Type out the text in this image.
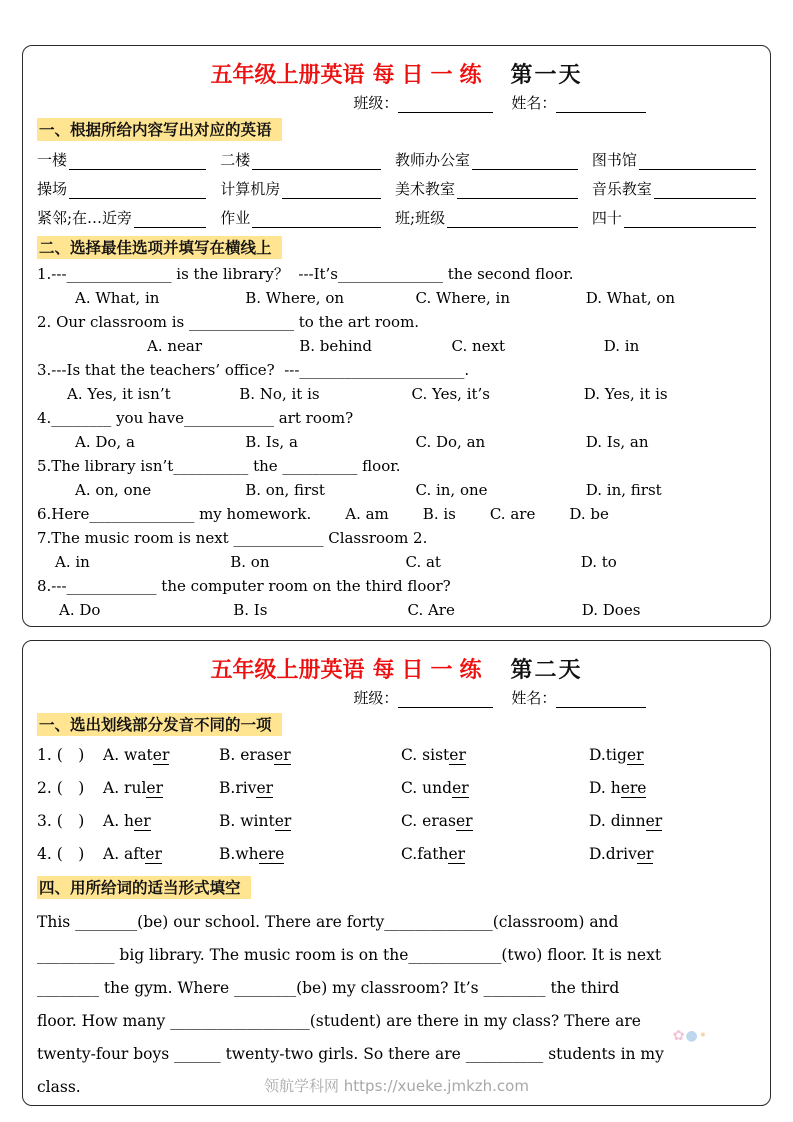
五年级上册英语 每日一练 第一天
班级：	姓名：
一、根据所给内容写出对应的英语
一楼	二楼	教师办公室	图书馆
操场	计算机房	美术教室	音乐教室
紧邻;在…近旁	作业	班;班级	四十
二、选择最佳选项并填写在横线上
1.---______________ is the library？  ---It’s______________ the second floor.
A. What, in	B. Where, on	C. Where, in	D. What, on
2. Our classroom is ______________ to the art room.
A. near	B. behind	C. next	D. in
3.---Is that the teachers’ office?  ---______________________.
A. Yes, it isn’t	B. No, it is	C. Yes, it’s	D. Yes, it is
4.________ you have____________ art room?
A. Do, a	B. Is, a	C. Do, an	D. Is, an
5.The library isn’t__________ the __________ floor.
A. on, one	B. on, first	C. in, one	D. in, first
6.Here______________ my homework. A. am B. is C. are D. be
7.The music room is next ____________ Classroom 2.
A. in	B. on	C. at	D. to
8.---____________ the computer room on the third floor?
A. Do	B. Is	C. Are	D. Does
五年级上册英语 每日一练 第二天
班级：	姓名：
一、选出划线部分发音不同的一项
1. (　)	A. water	B. eraser	C. sister	D.tiger
2. (　)	A. ruler	B.river	C. under	D. here
3. (　)	A. her	B. winter	C. eraser	D. dinner
4. (　)	A. after	B.where	C.father	D.driver
四、用所给词的适当形式填空
This ________(be) our school. There are forty______________(classroom) and
__________ big library. The music room is on the____________(two) floor. It is next
________ the gym. Where ________(be) my classroom? It’s ________ the third
floor. How many __________________(student) are there in my class? There are
twenty-four boys ______ twenty-two girls. So there are __________ students in my
class.
✿●•
领航学科网 https://xueke.jmkzh.com
